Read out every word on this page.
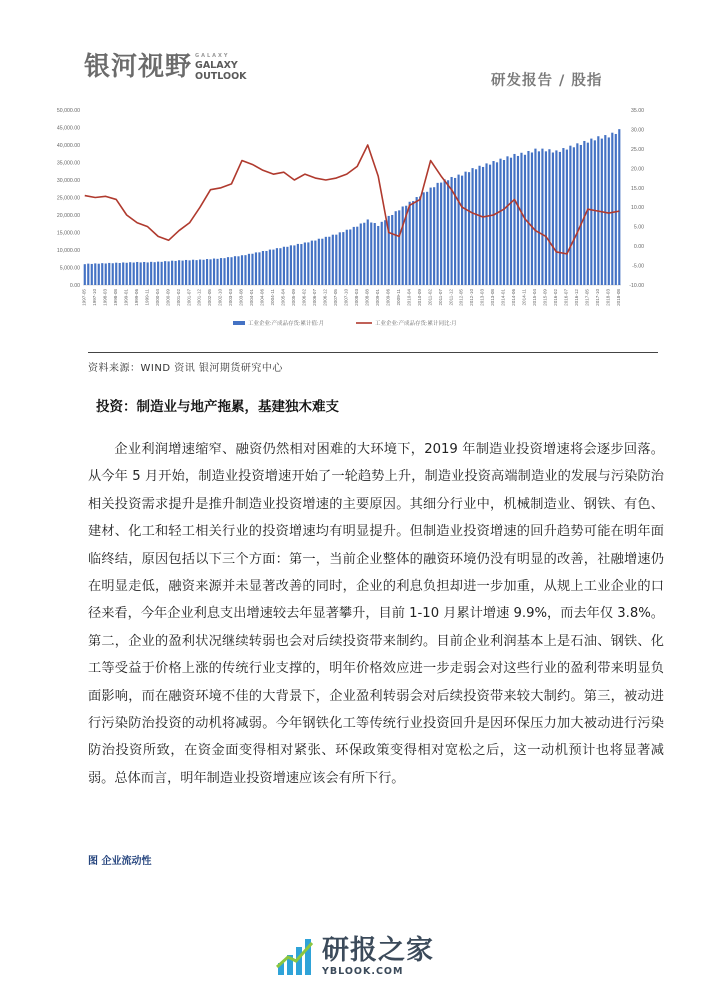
银河视野 GALAXY
GALAXY
OUTLOOK	研发报告 / 股指
0.00
5,000.00
10,000.00
15,000.00
20,000.00
25,000.00
30,000.00
35,000.00
40,000.00
45,000.00
50,000.00
-10.00
-5.00
0.00
5.00
10.00
15.00
20.00
25.00
30.00
35.00
1997-05 1997-10 1998-03 1998-08 1999-01 1999-06 1999-11 2000-04 2000-09 2001-02 2001-07 2001-12 2002-05 2002-10 2003-03 2003-08 2004-01 2004-06 2004-11 2005-04 2005-09 2006-02 2006-07 2006-12 2007-05 2007-10 2008-03 2008-08 2009-01 2009-06 2009-11 2010-04 2010-09 2011-02 2011-07 2011-12 2012-05 2012-10 2013-03 2013-08 2014-01 2014-06 2014-11 2015-04 2015-09 2016-02 2016-07 2016-12 2017-05 2017-10 2018-03 2018-08
工业企业:产成品存货:累计值:月	工业企业:产成品存货:累计同比:月
资料来源：WIND 资讯 银河期货研究中心
投资：制造业与地产拖累，基建独木难支

企业利润增速缩窄、融资仍然相对困难的大环境下，2019 年制造业投资增速将会逐步回落。从今年 5 月开始，制造业投资增速开始了一轮趋势上升，制造业投资高端制造业的发展与污染防治相关投资需求提升是推升制造业投资增速的主要原因。其细分行业中，机械制造业、钢铁、有色、建材、化工和轻工相关行业的投资增速均有明显提升。但制造业投资增速的回升趋势可能在明年面临终结，原因包括以下三个方面：第一，当前企业整体的融资环境仍没有明显的改善，社融增速仍在明显走低，融资来源并未显著改善的同时，企业的利息负担却进一步加重，从规上工业企业的口径来看，今年企业利息支出增速较去年显著攀升，目前 1-10 月累计增速 9.9%，而去年仅 3.8%。第二，企业的盈利状况继续转弱也会对后续投资带来制约。目前企业利润基本上是石油、钢铁、化工等受益于价格上涨的传统行业支撑的，明年价格效应进一步走弱会对这些行业的盈利带来明显负面影响，而在融资环境不佳的大背景下，企业盈利转弱会对后续投资带来较大制约。第三，被动进行污染防治投资的动机将减弱。今年钢铁化工等传统行业投资回升是因环保压力加大被动进行污染防治投资所致，在资金面变得相对紧张、环保政策变得相对宽松之后，这一动机预计也将显著减弱。总体而言，明年制造业投资增速应该会有所下行。

图 企业流动性
研报之家
YBLOOK.COM
